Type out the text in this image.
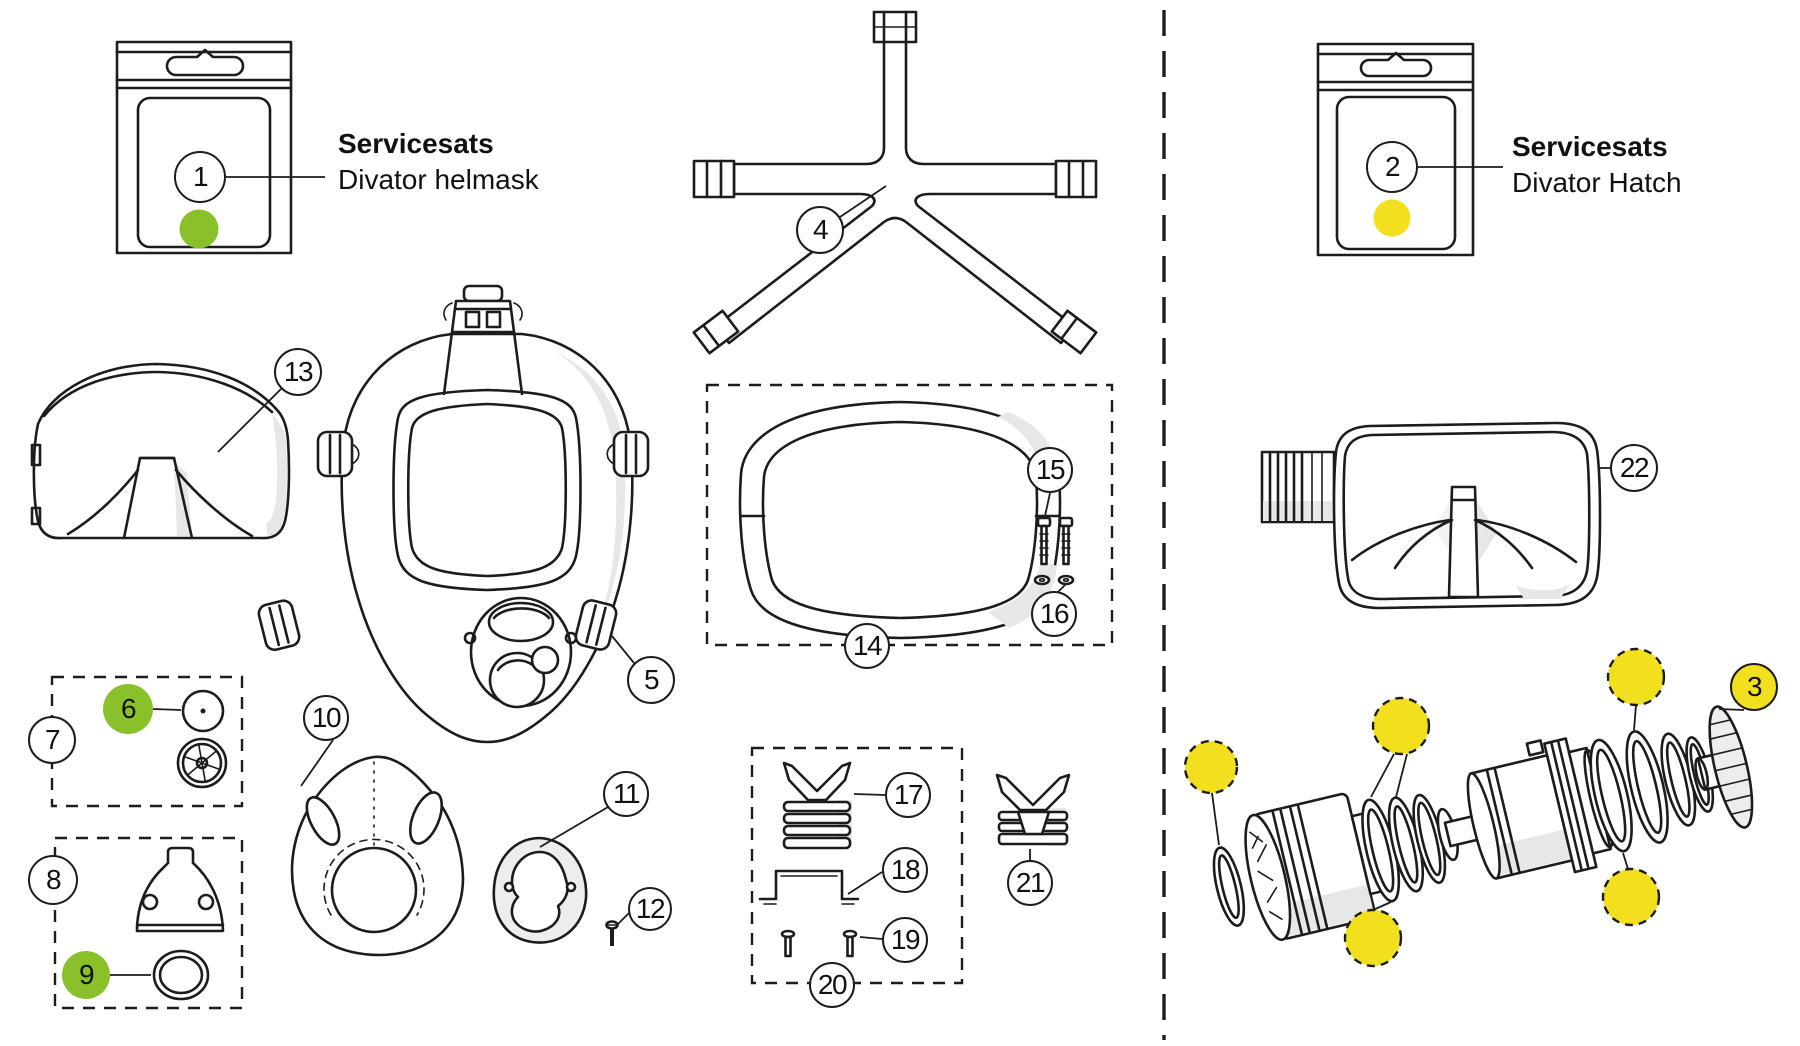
1	2
3
4
5
6
7
8
9
10
11
12
13
14
15
16
17
18
19
20
21
22
Servicesats
Divator helmask
Servicesats
Divator Hatch
